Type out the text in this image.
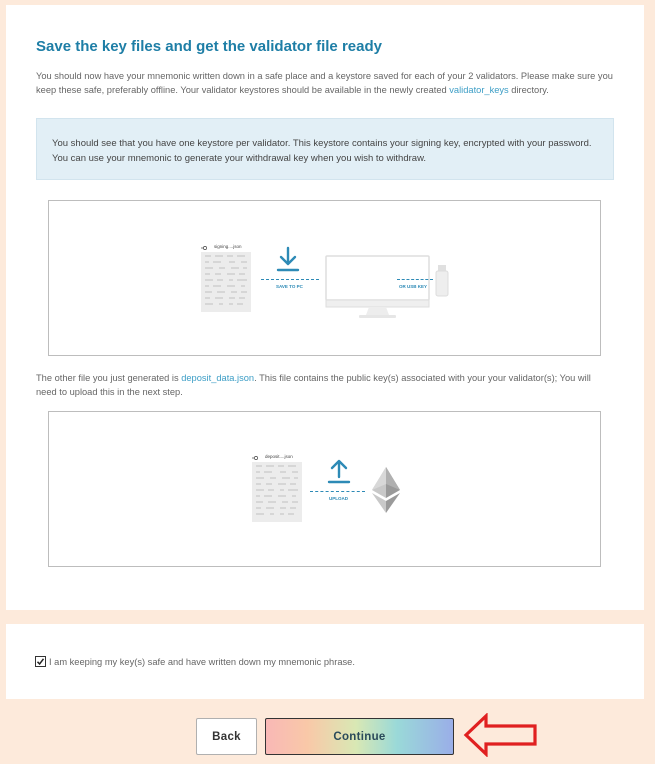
Save the key files and get the validator file ready

You should now have your mnemonic written down in a safe place and a keystore saved for each of your 2 validators. Please make sure you keep these safe, preferably offline. Your validator keystores should be available in the newly created validator_keys directory.

You should see that you have one keystore per validator. This keystore contains your signing key, encrypted with your password. You can use your mnemonic to generate your withdrawal key when you wish to withdraw.
signing....json
SAVE TO PC	OR USB KEY

The other file you just generated is deposit_data.json. This file contains the public key(s) associated with your your validator(s); You will need to upload this in the next step.

deposit....json
UPLOAD
I am keeping my key(s) safe and have written down my mnemonic phrase.
Back	Continue
